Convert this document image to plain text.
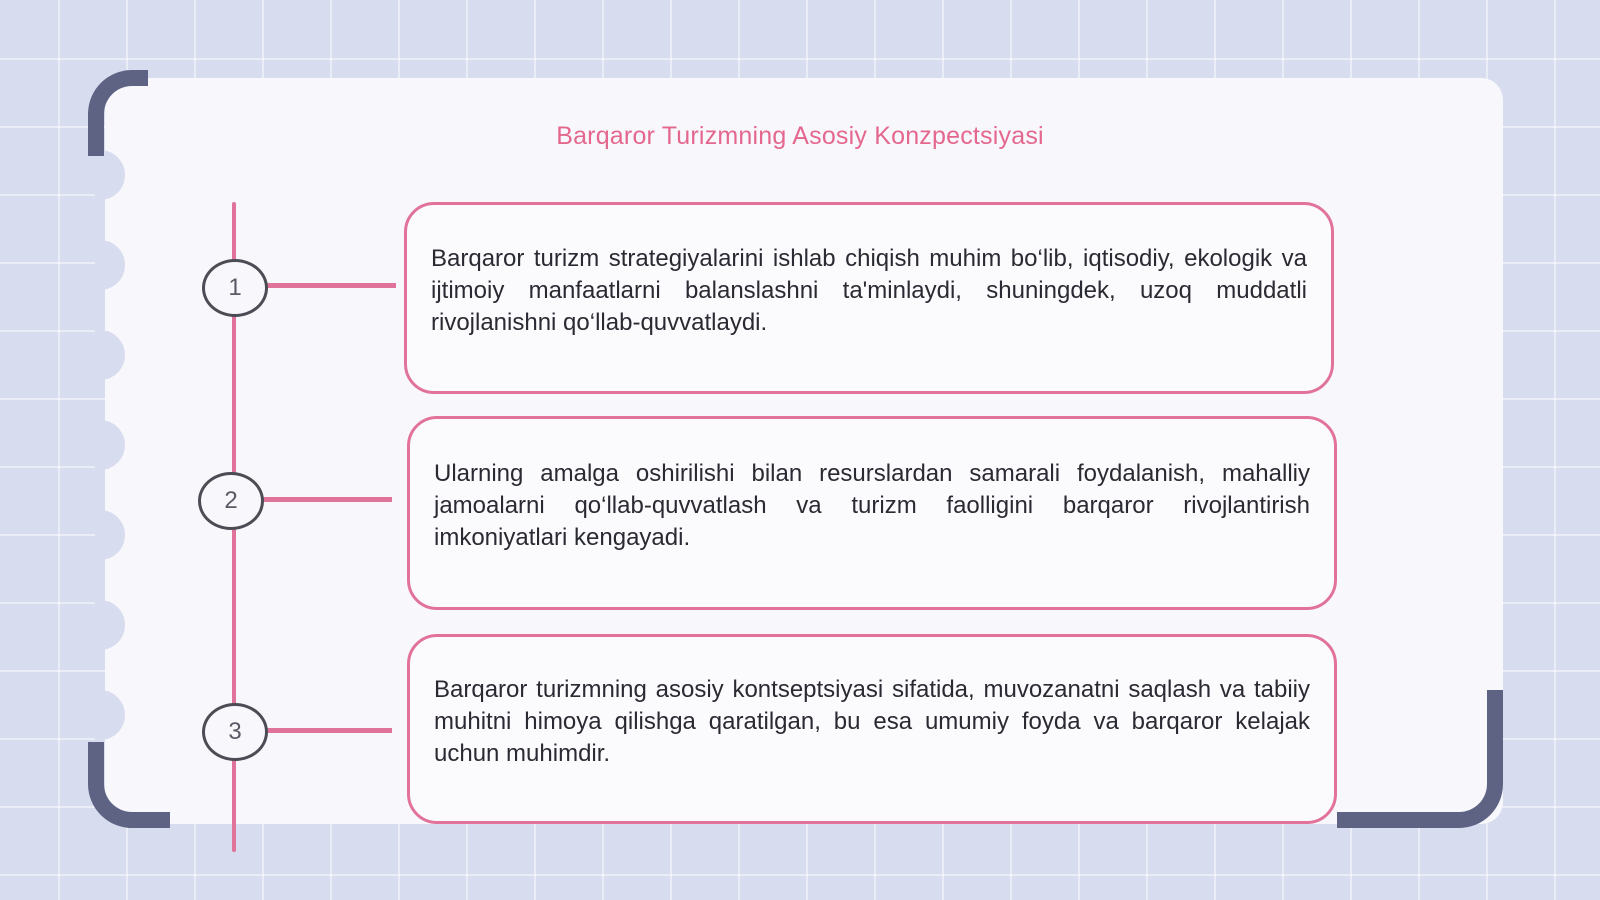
Barqaror Turizmning Asosiy Konzpectsiyasi
1

Barqaror turizm strategiyalarini ishlab chiqish muhim bo‘lib, iqtisodiy, ekologik va ijtimoiy manfaatlarni balanslashni ta'minlaydi, shuningdek, uzoq muddatli rivojlanishni qo‘llab-quvvatlaydi.

2

Ularning amalga oshirilishi bilan resurslardan samarali foydalanish, mahalliy jamoalarni qo‘llab-quvvatlash va turizm faolligini barqaror rivojlantirish imkoniyatlari kengayadi.

3

Barqaror turizmning asosiy kontseptsiyasi sifatida, muvozanatni saqlash va tabiiy muhitni himoya qilishga qaratilgan, bu esa umumiy foyda va barqaror kelajak uchun muhimdir.
